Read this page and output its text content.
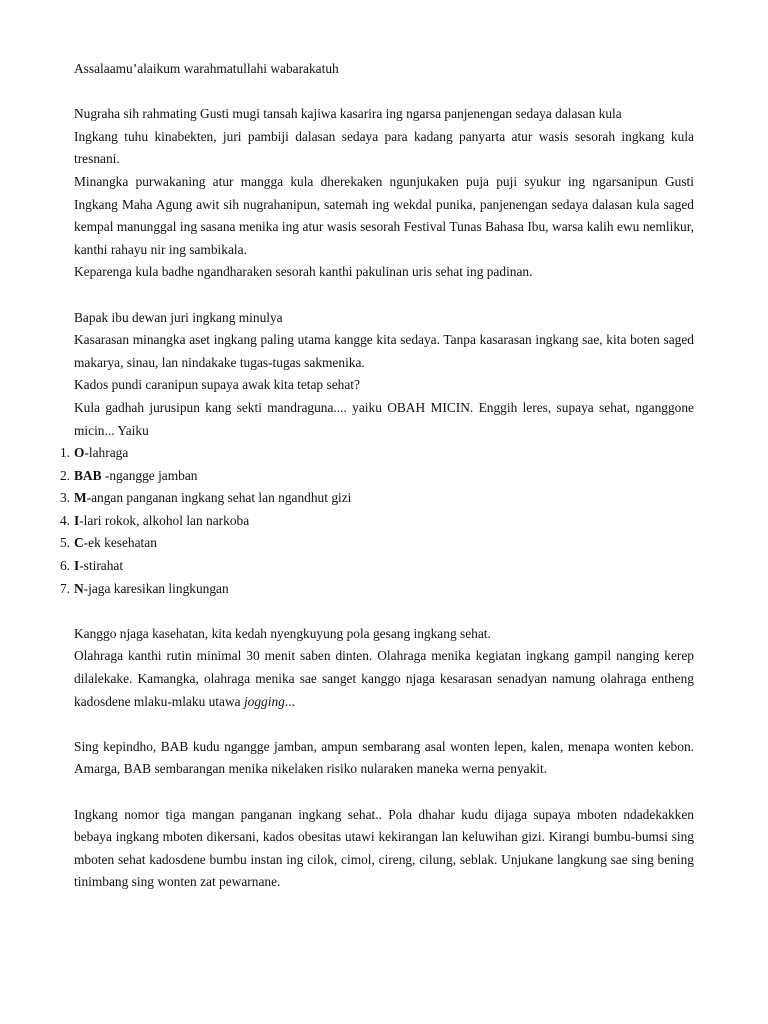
Assalaamu’alaikum warahmatullahi wabarakatuh

Nugraha sih rahmating Gusti mugi tansah kajiwa kasarira ing ngarsa panjenengan sedaya dalasan kula

Ingkang tuhu kinabekten, juri pambiji dalasan sedaya para kadang panyarta atur wasis sesorah ingkang kula tresnani.

Minangka purwakaning atur mangga kula dherekaken ngunjukaken puja puji syukur ing ngarsanipun Gusti Ingkang Maha Agung awit sih nugrahanipun, satemah ing wekdal punika, panjenengan sedaya dalasan kula saged kempal manunggal ing sasana menika ing atur wasis sesorah Festival Tunas Bahasa Ibu, warsa kalih ewu nemlikur, kanthi rahayu nir ing sambikala.

Keparenga kula badhe ngandharaken sesorah kanthi pakulinan uris sehat ing padinan.

Bapak ibu dewan juri ingkang minulya

Kasarasan minangka aset ingkang paling utama kangge kita sedaya. Tanpa kasarasan ingkang sae, kita boten saged makarya, sinau, lan nindakake tugas-tugas sakmenika.

Kados pundi caranipun supaya awak kita tetap sehat?

Kula gadhah jurusipun kang sekti mandraguna.... yaiku OBAH MICIN. Enggih leres, supaya sehat, nganggone micin... Yaiku

1. O-lahraga

2. BAB -ngangge jamban

3. M-angan panganan ingkang sehat lan ngandhut gizi

4. I-lari rokok, alkohol lan narkoba

5. C-ek kesehatan

6. I-stirahat

7. N-jaga karesikan lingkungan

Kanggo njaga kasehatan, kita kedah nyengkuyung pola gesang ingkang sehat.

Olahraga kanthi rutin minimal 30 menit saben dinten. Olahraga menika kegiatan ingkang gampil nanging kerep dilalekake. Kamangka, olahraga menika sae sanget kanggo njaga kesarasan senadyan namung olahraga entheng kadosdene mlaku-mlaku utawa jogging...

Sing kepindho, BAB kudu ngangge jamban, ampun sembarang asal wonten lepen, kalen, menapa wonten kebon. Amarga, BAB sembarangan menika nikelaken risiko nularaken maneka werna penyakit.

Ingkang nomor tiga mangan panganan ingkang sehat.. Pola dhahar kudu dijaga supaya mboten ndadekakken bebaya ingkang mboten dikersani, kados obesitas utawi kekirangan lan keluwihan gizi. Kirangi bumbu-bumsi sing mboten sehat kadosdene bumbu instan ing cilok, cimol, cireng, cilung, seblak. Unjukane langkung sae sing bening tinimbang sing wonten zat pewarnane.
